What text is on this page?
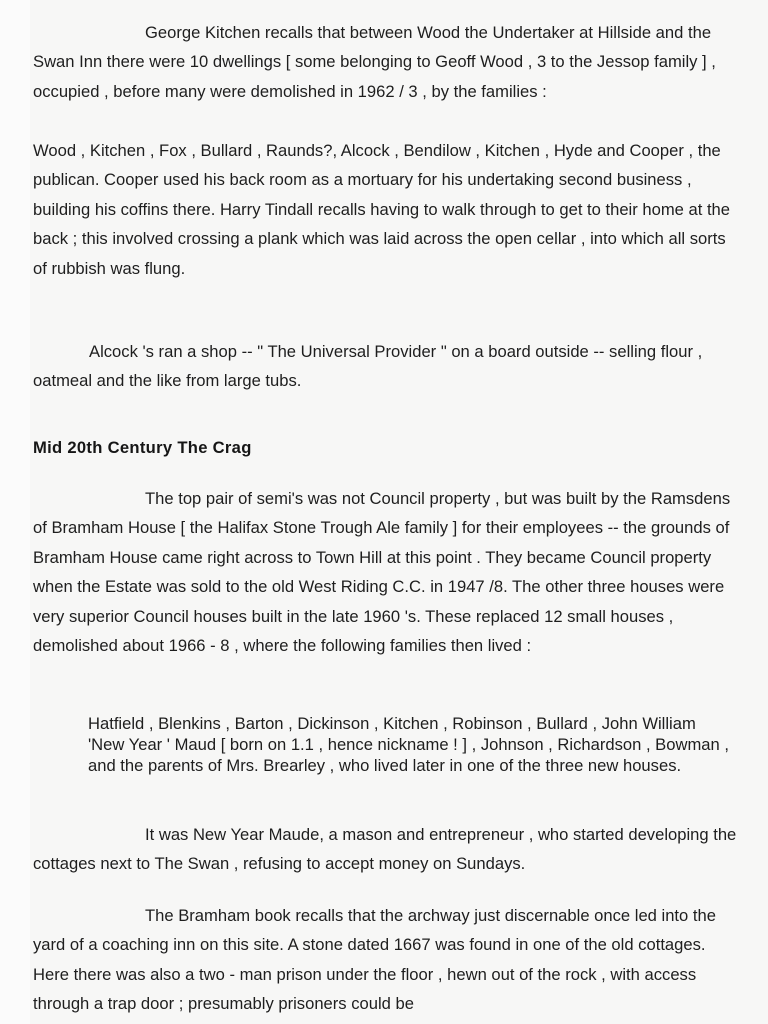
George Kitchen recalls that between Wood the Undertaker at Hillside and the Swan Inn there were 10 dwellings [ some belonging to Geoff Wood , 3 to the Jessop family ] , occupied , before many were demolished in 1962 / 3 , by the families :

Wood , Kitchen , Fox , Bullard , Raunds?, Alcock , Bendilow , Kitchen , Hyde and Cooper , the publican. Cooper used his back room as a mortuary for his undertaking second business , building his coffins there. Harry Tindall recalls having to walk through to get to their home at the back ; this involved crossing a plank which was laid across the open cellar , into which all sorts of rubbish was flung.

Alcock 's ran a shop -- " The Universal Provider " on a board outside -- selling flour , oatmeal and the like from large tubs.

Mid 20th Century The Crag

The top pair of semi's was not Council property , but was built by the Ramsdens of Bramham House [ the Halifax Stone Trough Ale family ] for their employees -- the grounds of Bramham House came right across to Town Hill at this point . They became Council property when the Estate was sold to the old West Riding C.C. in 1947 /8. The other three houses were very superior Council houses built in the late 1960 's. These replaced 12 small houses , demolished about 1966 - 8 , where the following families then lived :

Hatfield , Blenkins , Barton , Dickinson , Kitchen , Robinson , Bullard , John William 'New Year ' Maud [ born on 1.1 , hence nickname ! ] , Johnson , Richardson , Bowman , and the parents of Mrs. Brearley , who lived later in one of the three new houses.

It was New Year Maude, a mason and entrepreneur , who started developing the cottages next to The Swan , refusing to accept money on Sundays.

The Bramham book recalls that the archway just discernable once led into the yard of a coaching inn on this site. A stone dated 1667 was found in one of the old cottages. Here there was also a two - man prison under the floor , hewn out of the rock , with access through a trap door ; presumably prisoners could be
